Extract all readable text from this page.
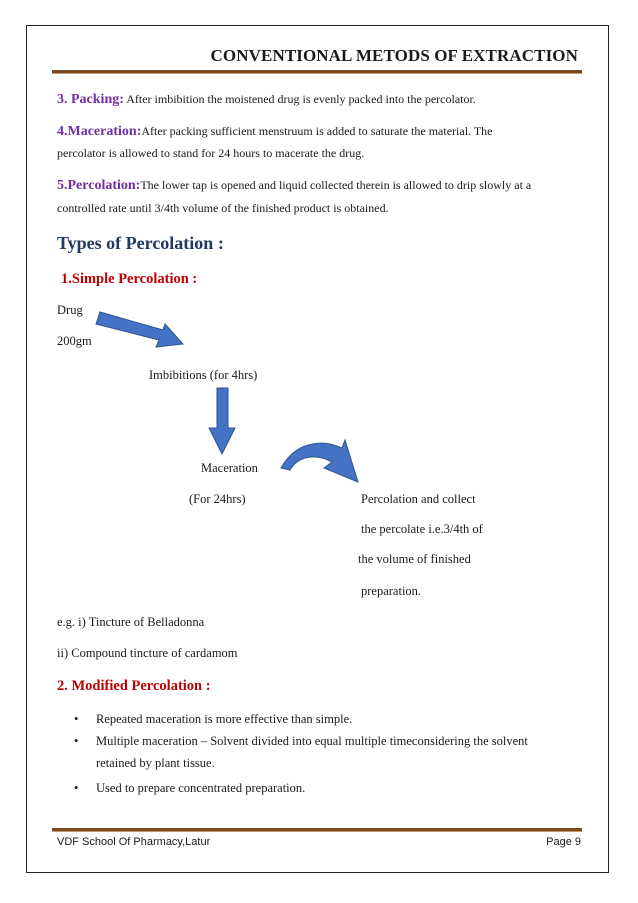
CONVENTIONAL METODS OF EXTRACTION
3. Packing: After imbibition the moistened drug is evenly packed into the percolator.
4.Maceration:After packing sufficient menstruum is added to saturate the material. The
percolator is allowed to stand for 24 hours to macerate the drug.
5.Percolation:The lower tap is opened and liquid collected therein is allowed to drip slowly at a
controlled rate until 3/4th volume of the finished product is obtained.
Types of Percolation :
1.Simple Percolation :
Drug
200gm
Imbibitions (for 4hrs)
Maceration
(For 24hrs)	Percolation and collect
the percolate i.e.3/4th of
the volume of finished
preparation.
e.g. i) Tincture of Belladonna
ii) Compound tincture of cardamom
2. Modified Percolation :
• Repeated maceration is more effective than simple.
• Multiple maceration – Solvent divided into equal multiple timeconsidering the solvent
retained by plant tissue.
• Used to prepare concentrated preparation.
VDF School Of Pharmacy,Latur	Page 9
